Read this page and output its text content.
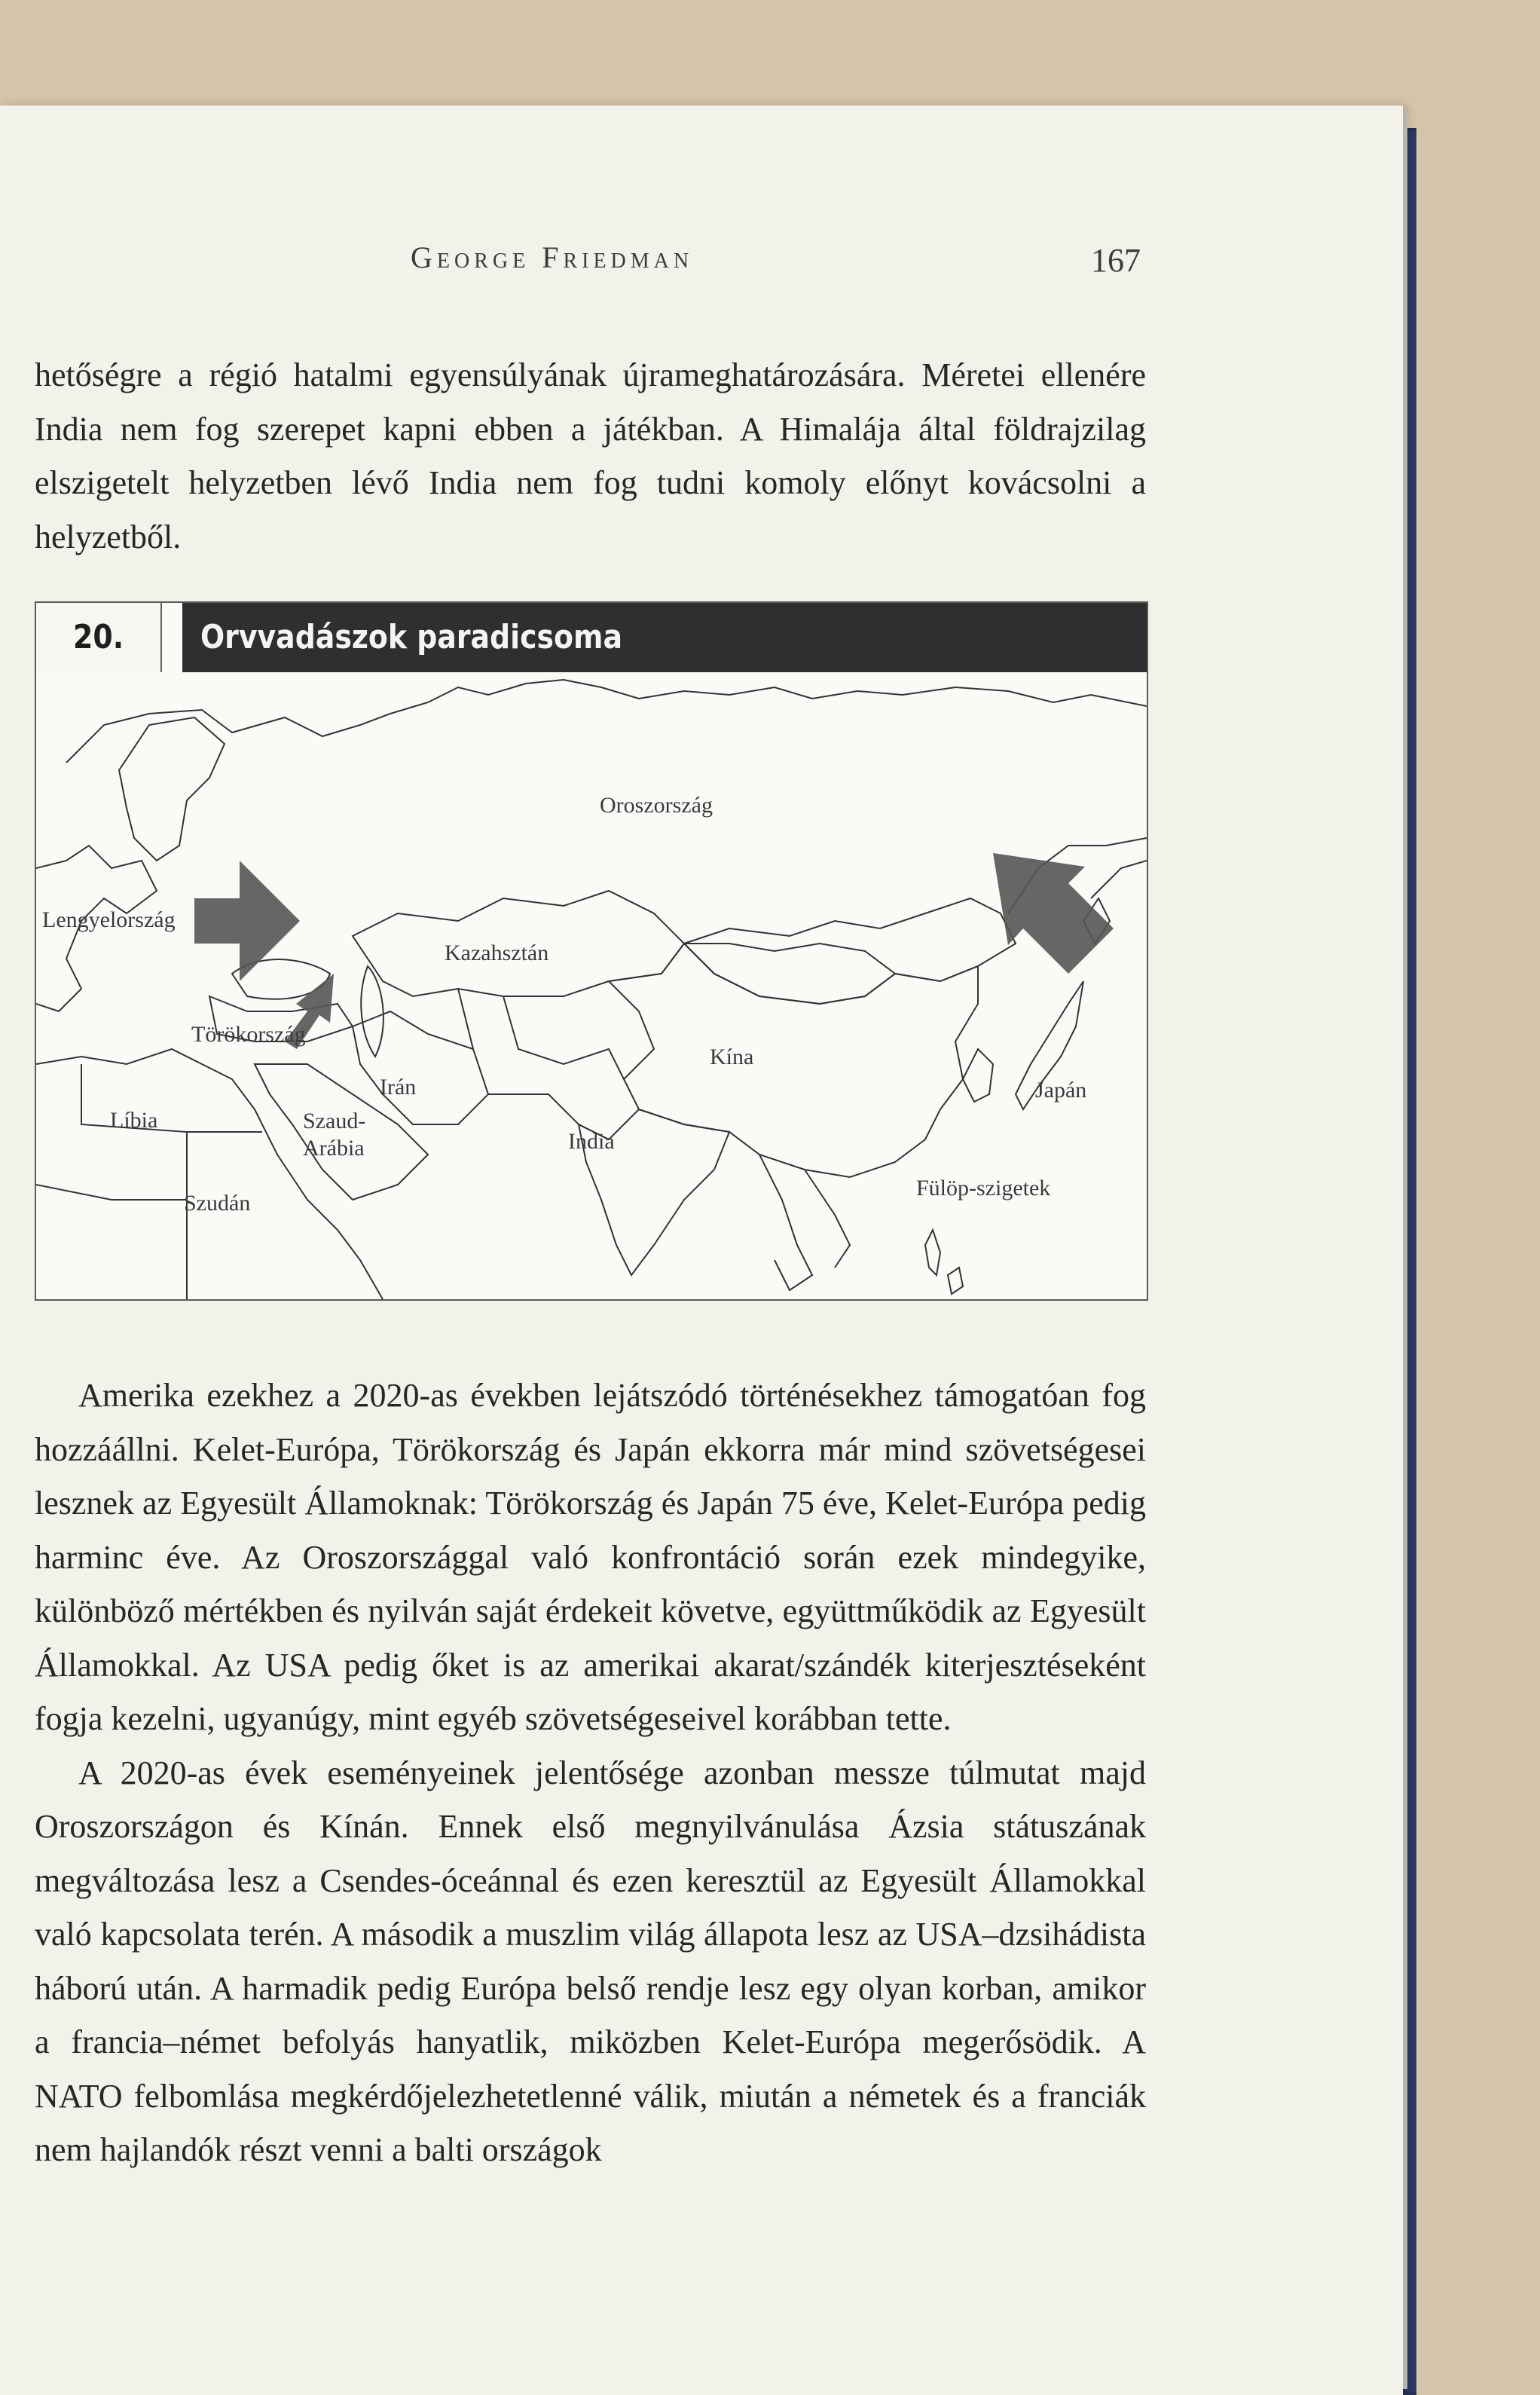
George Friedman	167

hetőségre a régió hatalmi egyensúlyának újrameghatározására. Méretei ellenére India nem fog szerepet kapni ebben a játékban. A Himalája által földrajzilag elszigetelt helyzetben lévő India nem fog tudni komoly előnyt kovácsolni a helyzetből.

20.	Orvvadászok paradicsoma
Oroszország
Lengyelország
Kazahsztán
Törökország
Kína
Irán	Japán
Líbia	Szaud-
Arábia	India
Fülöp-szigetek
Szudán

Amerika ezekhez a 2020-as években lejátszódó történésekhez támogatóan fog hozzáállni. Kelet-Európa, Törökország és Japán ekkorra már mind szövetségesei lesznek az Egyesült Államoknak: Törökország és Japán 75 éve, Kelet-Európa pedig harminc éve. Az Oroszországgal való konfrontáció során ezek mindegyike, különböző mértékben és nyilván saját érdekeit követve, együttműködik az Egyesült Államokkal. Az USA pedig őket is az amerikai akarat/szándék kiterjesztéseként fogja kezelni, ugyanúgy, mint egyéb szövetségeseivel korábban tette.

A 2020-as évek eseményeinek jelentősége azonban messze túlmutat majd Oroszországon és Kínán. Ennek első megnyilvánulása Ázsia státuszának megváltozása lesz a Csendes-óceánnal és ezen keresztül az Egyesült Államokkal való kapcsolata terén. A második a muszlim világ állapota lesz az USA–dzsihádista háború után. A harmadik pedig Európa belső rendje lesz egy olyan korban, amikor a francia–német befolyás hanyatlik, miközben Kelet-Európa megerősödik. A NATO felbomlása megkérdőjelezhetetlenné válik, miután a németek és a franciák nem hajlandók részt venni a balti országok
